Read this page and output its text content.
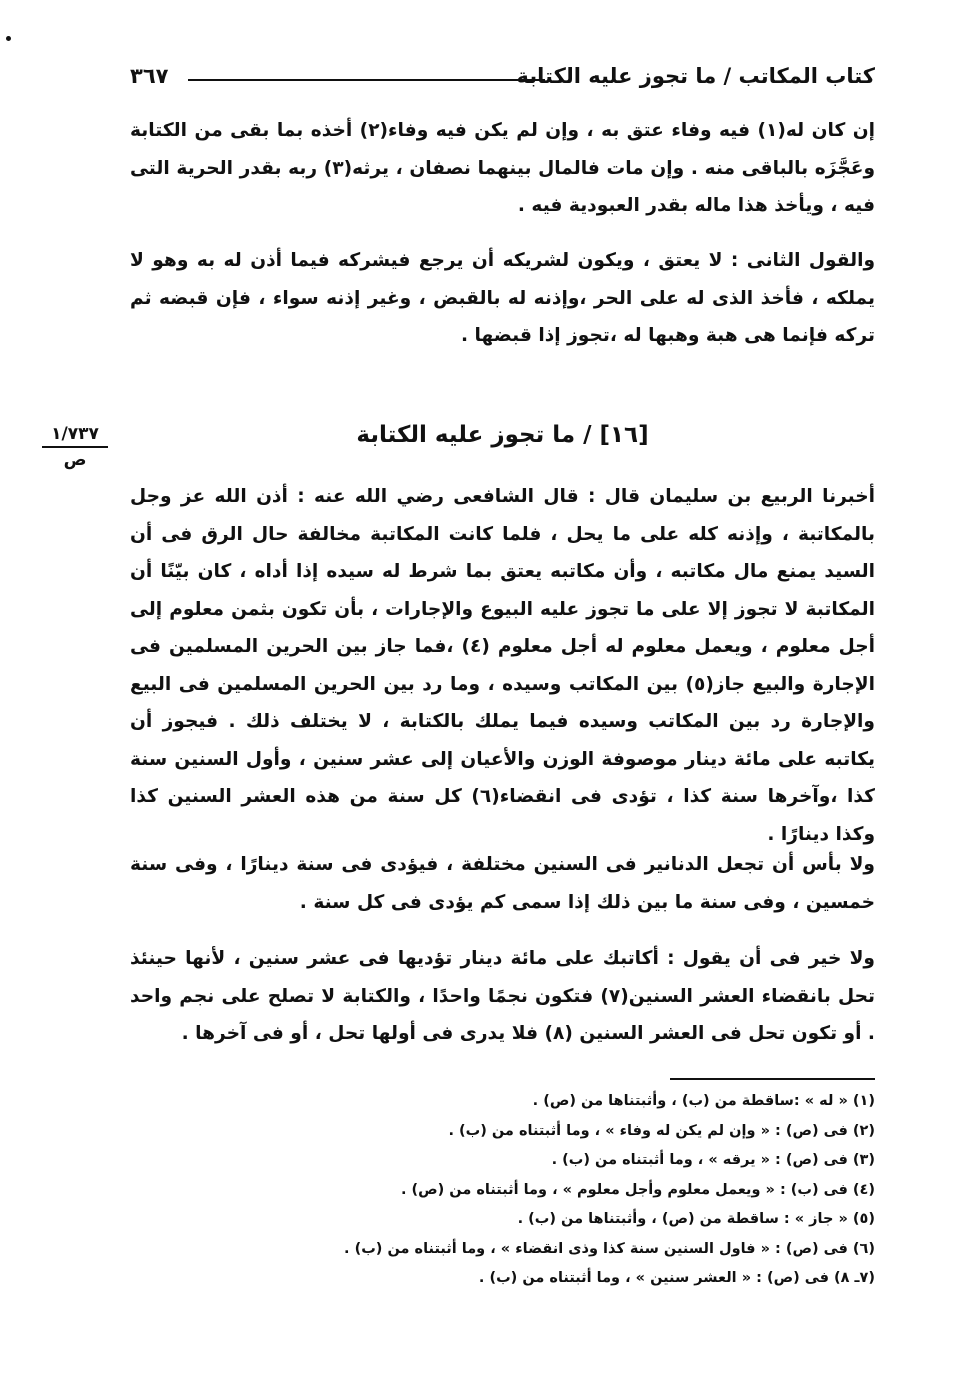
كتاب المكاتب / ما تجوز عليه الكتابة
٣٦٧

إن كان له(١) فيه وفاء عتق به ، وإن لم يكن فيه وفاء(٢) أخذه بما بقى من الكتابة وعَجَّزَه بالباقى منه . وإن مات فالمال بينهما نصفان ، يرثه(٣) ربه بقدر الحرية التى فيه ، ويأخذ هذا ماله بقدر العبودية فيه .

والقول الثانى : لا يعتق ، ويكون لشريكه أن يرجع فيشركه فيما أذن له به وهو لا يملكه ، فأخذ الذى له على الحر ،وإذنه له بالقبض ، وغير إذنه سواء ، فإن قبضه ثم تركه فإنما هى هبة وهبها له ،تجوز إذا قبضها .

١/٧٣٧
ص
[١٦] / ما تجوز عليه الكتابة

أخبرنا الربيع بن سليمان قال : قال الشافعى رضي الله عنه : أذن الله عز وجل بالمكاتبة ، وإذنه كله على ما يحل ، فلما كانت المكاتبة مخالفة حال الرق فى أن السيد يمنع مال مكاتبه ، وأن مكاتبه يعتق بما شرط له سيده إذا أداه ، كان بيّنًا أن المكاتبة لا تجوز إلا على ما تجوز عليه البيوع والإجارات ، بأن تكون بثمن معلوم إلى أجل معلوم ، ويعمل معلوم له أجل معلوم (٤) ،فما جاز بين الحرين المسلمين فى الإجارة والبيع جاز(٥) بين المكاتب وسيده ، وما رد بين الحرين المسلمين فى البيع والإجارة رد بين المكاتب وسيده فيما يملك بالكتابة ، لا يختلف ذلك . فيجوز أن يكاتبه على مائة دينار موصوفة الوزن والأعيان إلى عشر سنين ، وأول السنين سنة كذا ،وآخرها سنة كذا ، تؤدى فى انقضاء(٦) كل سنة من هذه العشر السنين كذا وكذا دينارًا .

ولا بأس أن تجعل الدنانير فى السنين مختلفة ، فيؤدى فى سنة دينارًا ، وفى سنة خمسين ، وفى سنة ما بين ذلك إذا سمى كم يؤدى فى كل سنة .

ولا خير فى أن يقول : أكاتبك على مائة دينار تؤديها فى عشر سنين ، لأنها حينئذ تحل بانقضاء العشر السنين(٧) فتكون نجمًا واحدًا ، والكتابة لا تصلح على نجم واحد . أو تكون تحل فى العشر السنين (٨) فلا يدرى فى أولها تحل ، أو فى آخرها .

(١) « له » :ساقطة من (ب) ، وأثبتناها من (ص) .
(٢) فى (ص) : « وإن لم يكن له وفاء » ، وما أثبتناه من (ب) .
(٣) فى (ص) : « يرقه » ، وما أثبتناه من (ب) .
(٤) فى (ب) : « ويعمل معلوم وأجل معلوم » ، وما أثبتناه من (ص) .
(٥) « جاز » : ساقطة من (ص) ، وأثبتناها من (ب) .
(٦) فى (ص) : « فاول السنين سنة كذا وذى انقضاء » ، وما أثبتناه من (ب) .
(٧ـ ٨) فى (ص) : « العشر سنين » ، وما أثبتناه من (ب) .
